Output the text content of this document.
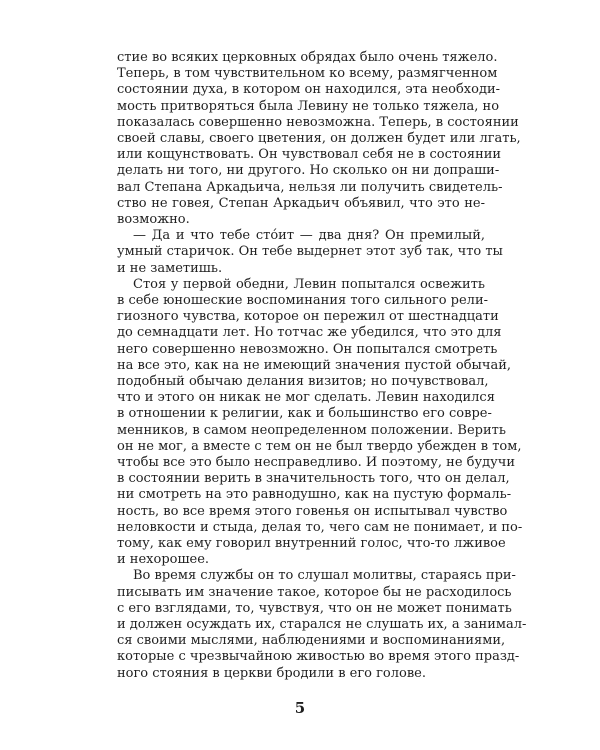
стие во всяких церковных обрядах было очень тяжело.
Теперь, в том чувствительном ко всему, размягченном
состоянии духа, в котором он находился, эта необходи-
мость притворяться была Левину не только тяжела, но
показалась совершенно невозможна. Теперь, в состоянии
своей славы, своего цветения, он должен будет или лгать,
или кощунствовать. Он чувствовал себя не в состоянии
делать ни того, ни другого. Но сколько он ни допраши-
вал Степана Аркадьича, нельзя ли получить свидетель-
ство не говея, Степан Аркадьич объявил, что это не-
возможно.
— Да и что тебе сто́ит — два дня? Он премилый,
умный старичок. Он тебе выдернет этот зуб так, что ты
и не заметишь.
Стоя у первой обедни, Левин попытался освежить
в себе юношеские воспоминания того сильного рели-
гиозного чувства, которое он пережил от шестнадцати
до семнадцати лет. Но тотчас же убедился, что это для
него совершенно невозможно. Он попытался смотреть
на все это, как на не имеющий значения пустой обычай,
подобный обычаю делания визитов; но почувствовал,
что и этого он никак не мог сделать. Левин находился
в отношении к религии, как и большинство его совре-
менников, в самом неопределенном положении. Верить
он не мог, а вместе с тем он не был твердо убежден в том,
чтобы все это было несправедливо. И поэтому, не будучи
в состоянии верить в значительность того, что он делал,
ни смотреть на это равнодушно, как на пустую формаль-
ность, во все время этого говенья он испытывал чувство
неловкости и стыда, делая то, чего сам не понимает, и по-
тому, как ему говорил внутренний голос, что-то лживое
и нехорошее.
Во время службы он то слушал молитвы, стараясь при-
писывать им значение такое, которое бы не расходилось
с его взглядами, то, чувствуя, что он не может понимать
и должен осуждать их, старался не слушать их, а занимал-
ся своими мыслями, наблюдениями и воспоминаниями,
которые с чрезвычайною живостью во время этого празд-
ного стояния в церкви бродили в его голове.
5
